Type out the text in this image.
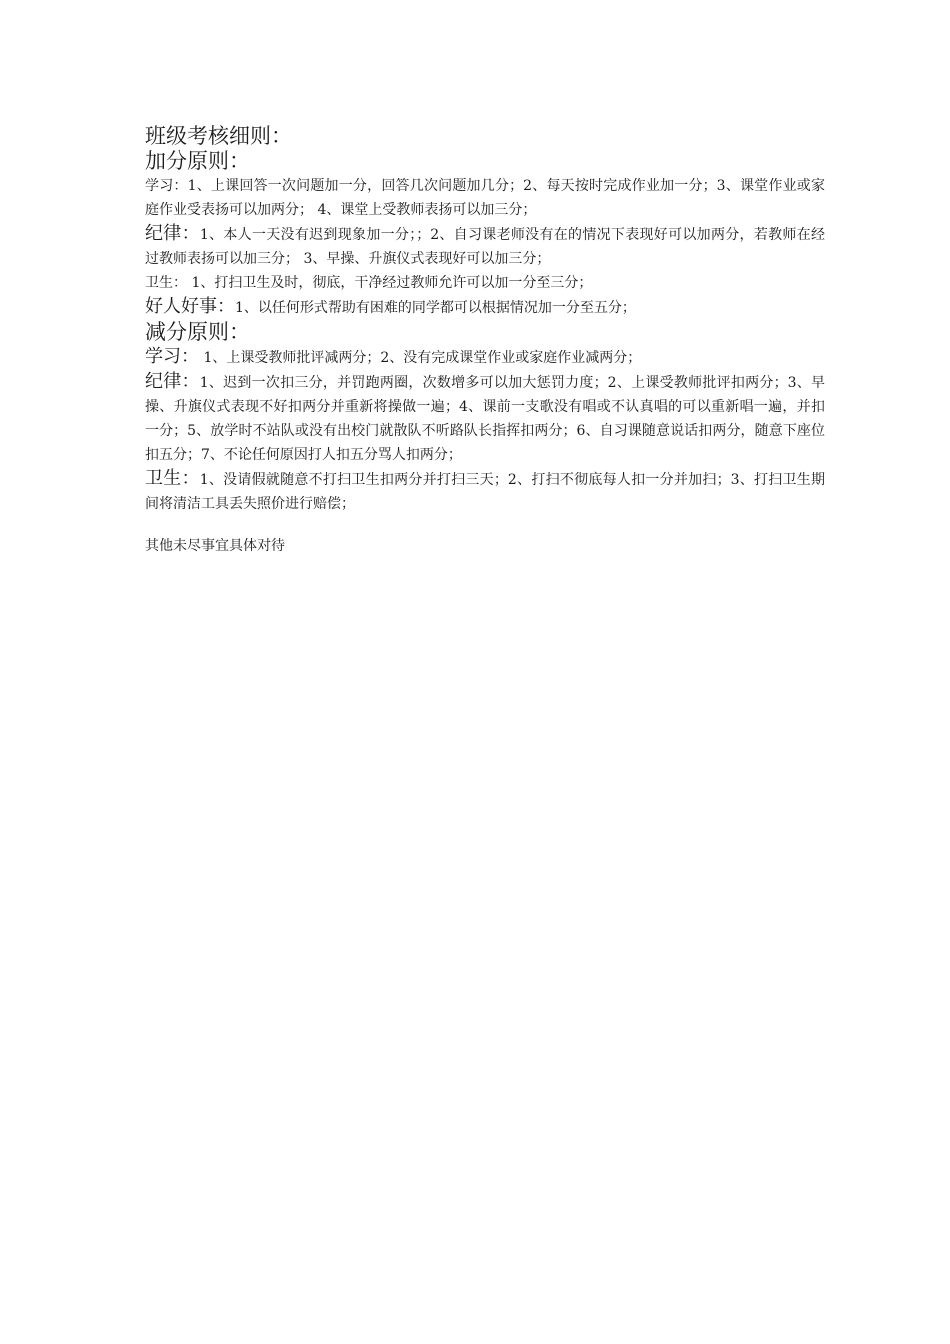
班级考核细则：
加分原则：

学习：1、上课回答一次问题加一分，回答几次问题加几分；2、每天按时完成作业加一分；3、课堂作业或家庭作业受表扬可以加两分； 4、课堂上受教师表扬可以加三分；

纪律：1、本人一天没有迟到现象加一分；；2、自习课老师没有在的情况下表现好可以加两分，若教师在经过教师表扬可以加三分； 3、早操、升旗仪式表现好可以加三分；

卫生： 1、打扫卫生及时，彻底，干净经过教师允许可以加一分至三分；

好人好事：1、以任何形式帮助有困难的同学都可以根据情况加一分至五分；

减分原则：

学习： 1、上课受教师批评减两分；2、没有完成课堂作业或家庭作业减两分；

纪律：1、迟到一次扣三分，并罚跑两圈，次数增多可以加大惩罚力度；2、上课受教师批评扣两分；3、早操、升旗仪式表现不好扣两分并重新将操做一遍；4、课前一支歌没有唱或不认真唱的可以重新唱一遍，并扣一分；5、放学时不站队或没有出校门就散队不听路队长指挥扣两分；6、自习课随意说话扣两分，随意下座位扣五分；7、不论任何原因打人扣五分骂人扣两分；

卫生：1、没请假就随意不打扫卫生扣两分并打扫三天；2、打扫不彻底每人扣一分并加扫；3、打扫卫生期间将清洁工具丢失照价进行赔偿；

其他未尽事宜具体对待
